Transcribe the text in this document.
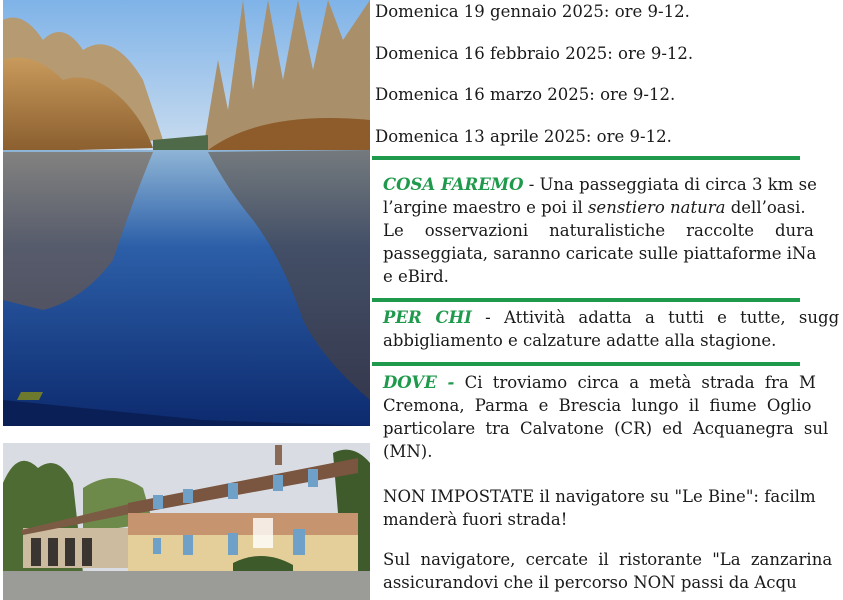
Domenica 19 gennaio 2025: ore 9-12.
Domenica 16 febbraio 2025: ore 9-12.
Domenica 16 marzo 2025: ore 9-12.
Domenica 13 aprile 2025: ore 9-12.

COSA FAREMO - Una passeggiata di circa 3 km se

l’argine maestro e poi il senstiero natura dell’oasi.

Le    osservazioni    naturalistiche    raccolte    dura

passeggiata, saranno caricate sulle piattaforme iNa

e eBird.

PER CHI - Attività adatta a tutti e tutte, sugg

abbigliamento e calzature adatte alla stagione.

DOVE - Ci troviamo circa a metà strada fra M

Cremona, Parma e Brescia lungo il fiume Oglio

particolare tra Calvatone (CR) ed Acquanegra sul

(MN).

NON IMPOSTATE il navigatore su "Le Bine": facilm

manderà fuori strada!

Sul navigatore, cercate il ristorante "La zanzarina

assicurandovi che il percorso NON passi da Acqu
